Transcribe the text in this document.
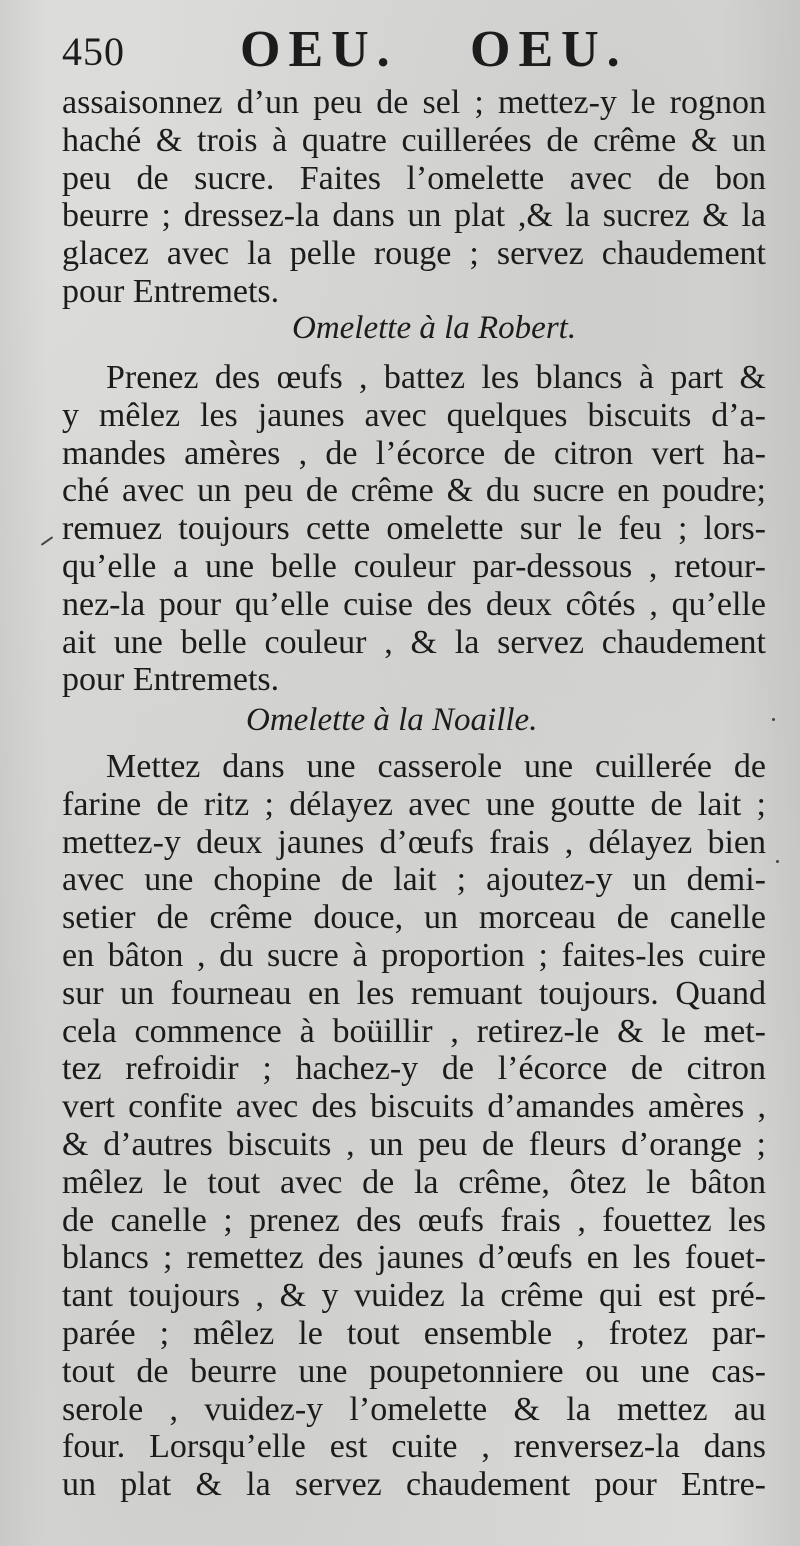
450 OEU. OEU.
assaisonnez d’un peu de sel ; mettez-y le rognon
haché & trois à quatre cuillerées de crême & un
peu de sucre. Faites l’omelette avec de bon
beurre ; dressez-la dans un plat ,& la sucrez & la
glacez avec la pelle rouge ; servez chaudement
pour Entremets.
Omelette à la Robert.
Prenez des œufs , battez les blancs à part &
y mêlez les jaunes avec quelques biscuits d’a-
mandes amères , de l’écorce de citron vert ha-
ché avec un peu de crême & du sucre en poudre;
remuez toujours cette omelette sur le feu ; lors-
qu’elle a une belle couleur par-dessous , retour-
nez-la pour qu’elle cuise des deux côtés , qu’elle
ait une belle couleur , & la servez chaudement
pour Entremets.
Omelette à la Noaille.
Mettez dans une casserole une cuillerée de
farine de ritz ; délayez avec une goutte de lait ;
mettez-y deux jaunes d’œufs frais , délayez bien
avec une chopine de lait ; ajoutez-y un demi-
setier de crême douce, un morceau de canelle
en bâton , du sucre à proportion ; faites-les cuire
sur un fourneau en les remuant toujours. Quand
cela commence à boüillir , retirez-le & le met-
tez refroidir ; hachez-y de l’écorce de citron
vert confite avec des biscuits d’amandes amères ,
& d’autres biscuits , un peu de fleurs d’orange ;
mêlez le tout avec de la crême, ôtez le bâton
de canelle ; prenez des œufs frais , fouettez les
blancs ; remettez des jaunes d’œufs en les fouet-
tant toujours , & y vuidez la crême qui est pré-
parée ; mêlez le tout ensemble , frotez par-
tout de beurre une poupetonniere ou une cas-
serole , vuidez-y l’omelette & la mettez au
four. Lorsqu’elle est cuite , renversez-la dans
un plat & la servez chaudement pour Entre-
